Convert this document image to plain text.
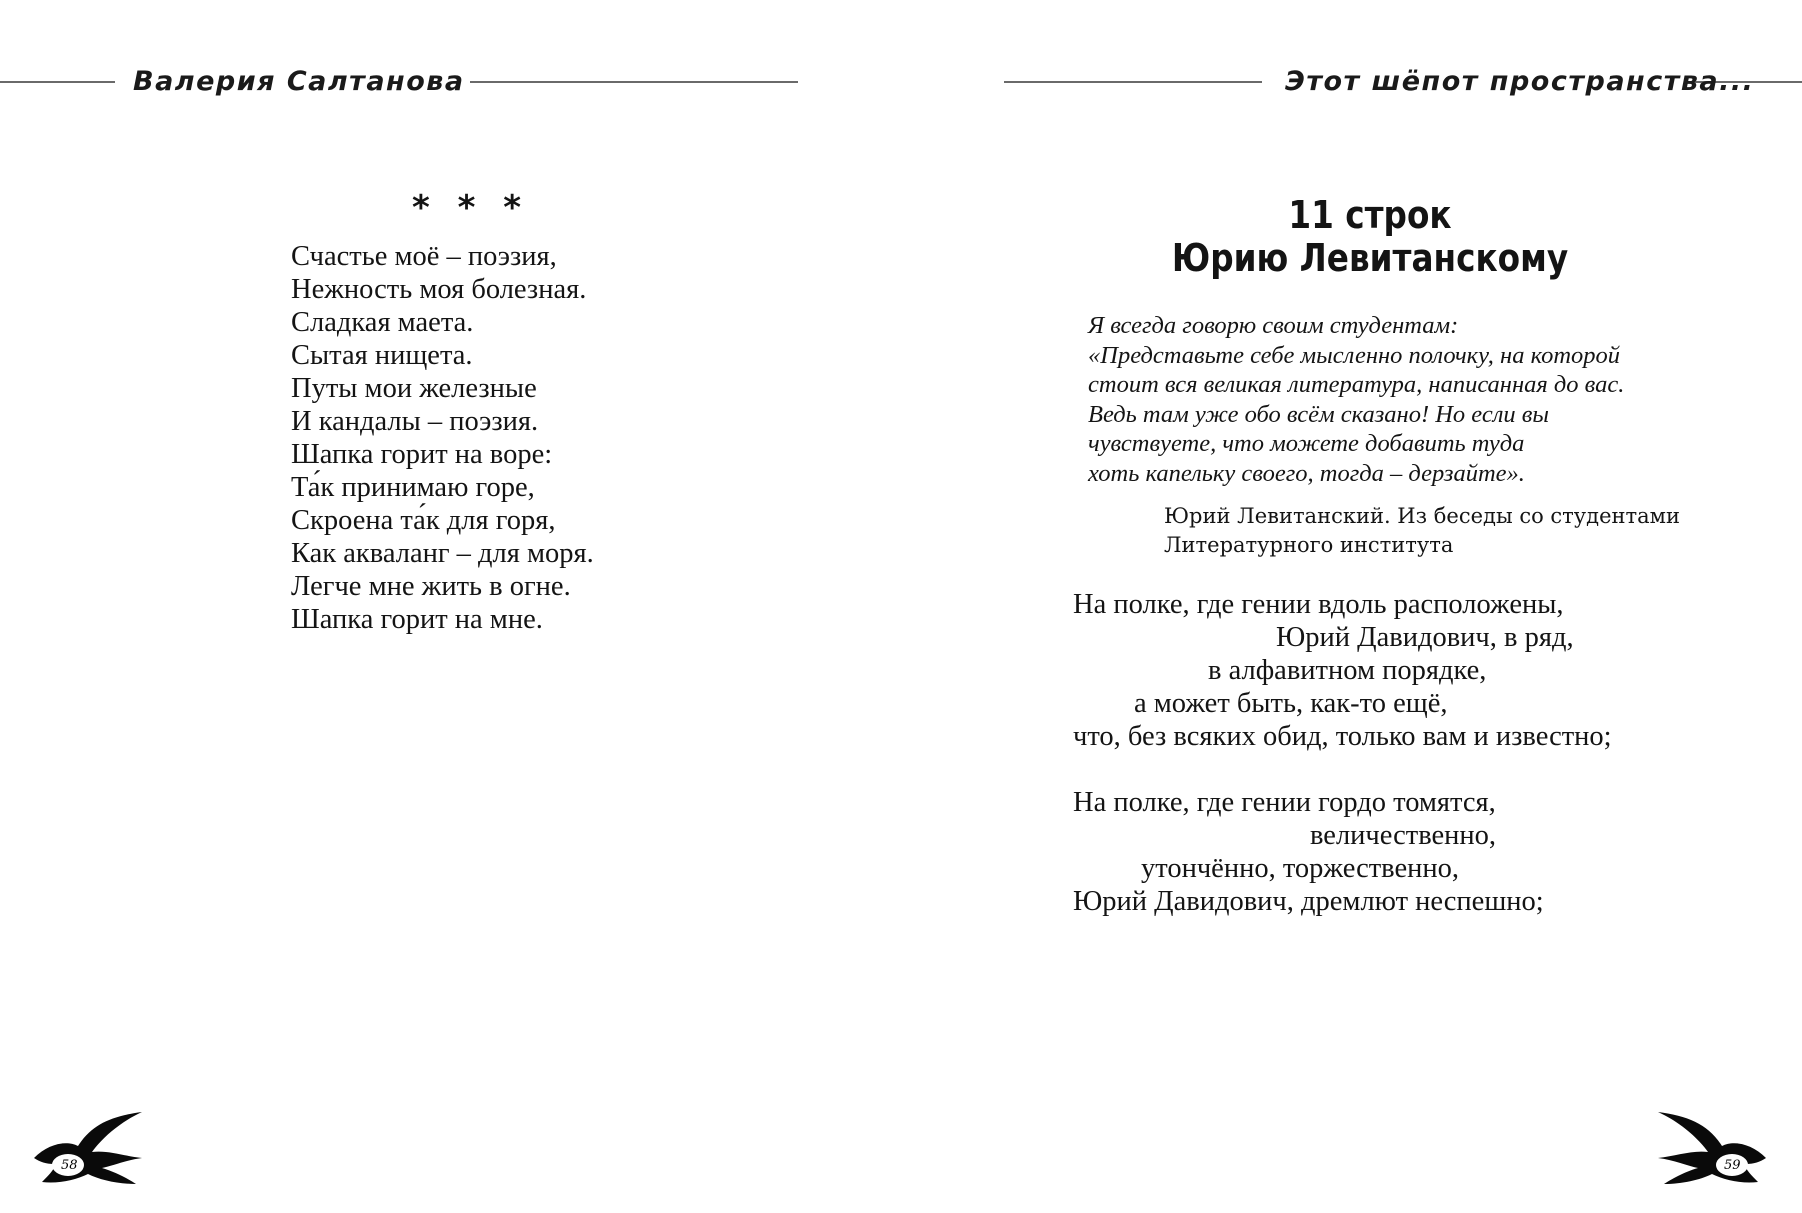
Валерия Салтанова	Этот шёпот пространства...
* * *
Счастье моё – поэзия,
Нежность моя болезная.
Сладкая маета.
Сытая нищета.
Путы мои железные
И кандалы – поэзия.
Шапка горит на воре:
Та́к принимаю горе,
Скроена та́к для горя,
Как акваланг – для моря.
Легче мне жить в огне.
Шапка горит на мне.
11 строк
Юрию Левитанскому
Я всегда говорю своим студентам:
«Представьте себе мысленно полочку, на которой
стоит вся великая литература, написанная до вас.
Ведь там уже обо всём сказано! Но если вы
чувствуете, что можете добавить туда
хоть капельку своего, тогда – дерзайте».
Юрий Левитанский. Из беседы со студентами
Литературного института
На полке, где гении вдоль расположены,
Юрий Давидович, в ряд,
в алфавитном порядке,
а может быть, как-то ещё,
что, без всяких обид, только вам и известно;
На полке, где гении гордо томятся,
величественно,
утончённо, торжественно,
Юрий Давидович, дремлют неспешно;
58	59
